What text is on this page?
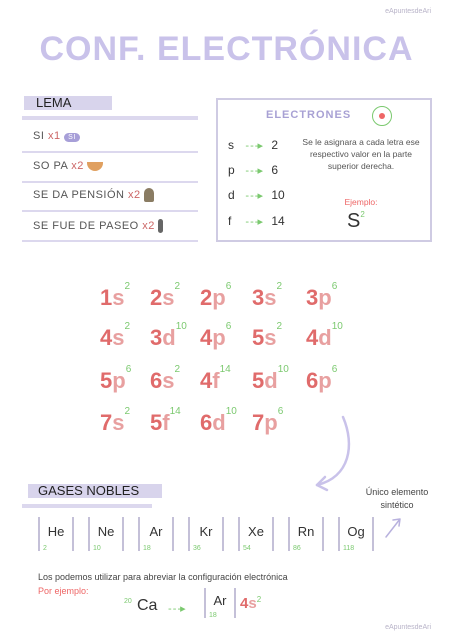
eApuntesdeAri
CONF. ELECTRÓNICA
LEMA
SI x1 SI
SO PA x2
SE DA PENSIÓN x2
SE FUE DE PASEO x2
ELECTRONES
s - - -▸ 2
p - - -▸ 6
d - - -▸ 10
f - - -▸ 14
Se le asignara a cada letra ese respectivo valor en la parte superior derecha.
Ejemplo:
$S^2$
$1s^2$ $2s^2$ $2p^6$ $3s^2$ $3p^6$
$4s^2$ $3d^{10}$ $4p^6$ $5s^2$ $4d^{10}$
$5p^6$ $6s^2$ $4f^{14}$ $5d^{10}$ $6p^6$
$7s^2$ $5f^{14}$ $6d^{10}$ $7p^6$
GASES NOBLES	Único elemento sintético
He
2
Ne
10
Ar
18
Kr
36
Xe
54
Rn
86
Og
118
Los podemos utilizar para abreviar la configuración electrónica
Por ejemplo:
20 Ca - - -▸
Ar
18
$4s^2$
eApuntesdeAri
